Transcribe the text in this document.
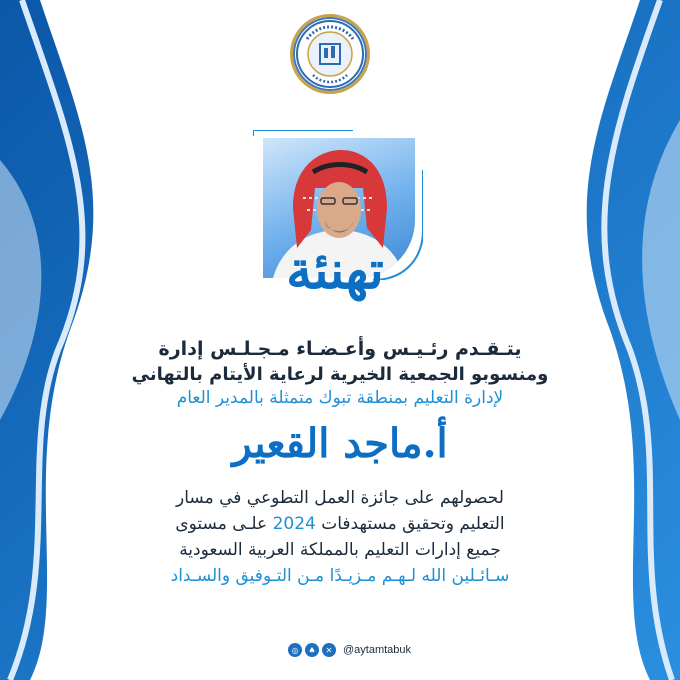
تهنئة
يتـقـدم رئـيـس وأعـضـاء مـجـلـس إدارة
ومنسوبو الجمعية الخيرية لرعاية الأيتام بالتهاني
لإدارة التعليم بمنطقة تبوك متمثلة بالمدير العام
أ.ماجد القعير
لحصولهم على جائزة العمل التطوعي في مسار
التعليم وتحقيق مستهدفات 2024 علـى مستوى
جميع إدارات التعليم بالمملكة العربية السعودية
سـائـلين الله لـهـم مـزيـدًا مـن التـوفيق والسـداد
◎	♠	✕ @aytamtabuk
